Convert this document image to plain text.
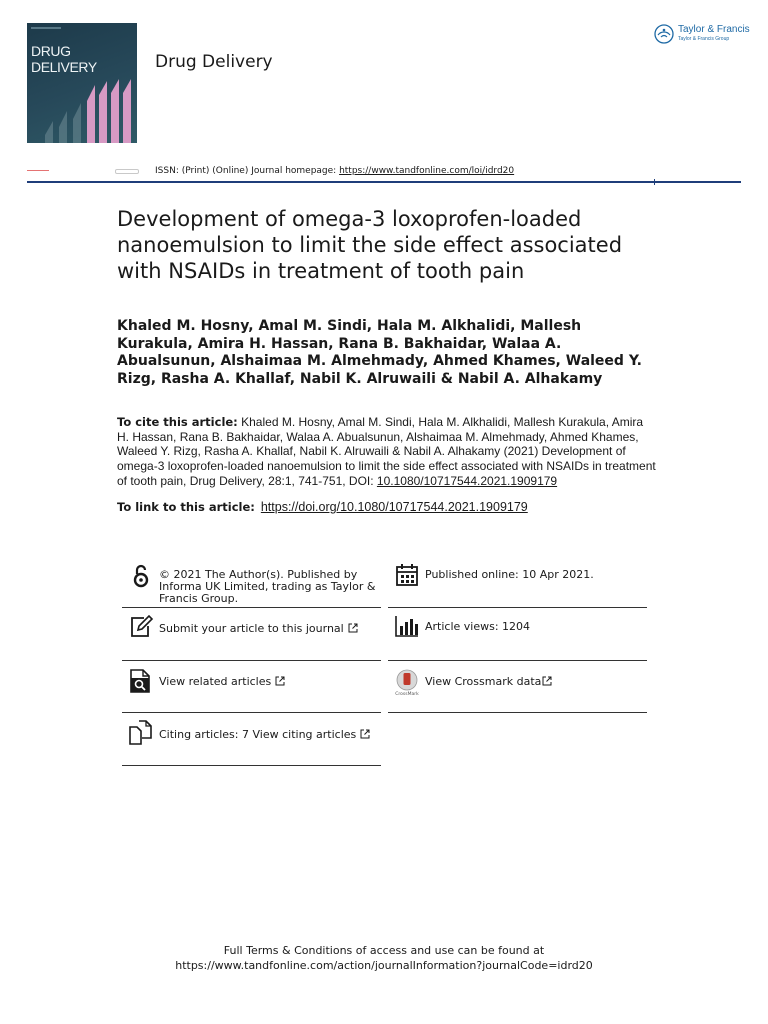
DRUG
DELIVERY	Drug Delivery
Taylor & Francis
Taylor & Francis Group
ISSN: (Print) (Online) Journal homepage: https://www.tandfonline.com/loi/idrd20
Development of omega-3 loxoprofen-loaded nanoemulsion to limit the side effect associated with NSAIDs in treatment of tooth pain

Khaled M. Hosny, Amal M. Sindi, Hala M. Alkhalidi, Mallesh Kurakula, Amira H. Hassan, Rana B. Bakhaidar, Walaa A. Abualsunun, Alshaimaa M. Almehmady, Ahmed Khames, Waleed Y. Rizg, Rasha A. Khallaf, Nabil K. Alruwaili & Nabil A. Alhakamy

To cite this article: Khaled M. Hosny, Amal M. Sindi, Hala M. Alkhalidi, Mallesh Kurakula, Amira H. Hassan, Rana B. Bakhaidar, Walaa A. Abualsunun, Alshaimaa M. Almehmady, Ahmed Khames, Waleed Y. Rizg, Rasha A. Khallaf, Nabil K. Alruwaili & Nabil A. Alhakamy (2021) Development of omega-3 loxoprofen-loaded nanoemulsion to limit the side effect associated with NSAIDs in treatment of tooth pain, Drug Delivery, 28:1, 741-751, DOI: 10.1080/10717544.2021.1909179

To link to this article: https://doi.org/10.1080/10717544.2021.1909179

© 2021 The Author(s). Published by Informa UK Limited, trading as Taylor & Francis Group.
Published online: 10 Apr 2021.
Submit your article to this journal	Article views: 1204
View related articles
CrossMark
View Crossmark data
Citing articles: 7 View citing articles
Full Terms & Conditions of access and use can be found at
https://www.tandfonline.com/action/journalInformation?journalCode=idrd20
